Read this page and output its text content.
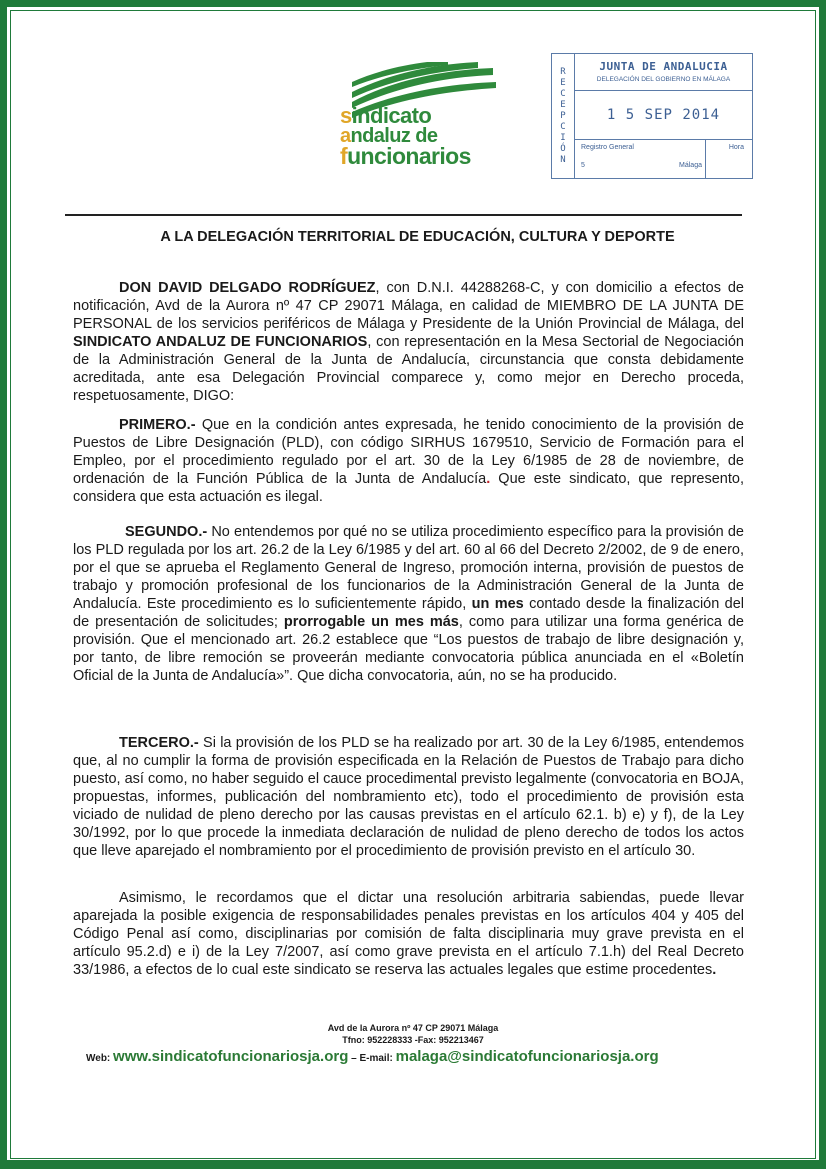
sindicato
andaluz de
funcionarios
R
E
C
E
P
C
I
Ó
N
JUNTA DE ANDALUCIA
DELEGACIÓN DEL GOBIERNO EN MÁLAGA
1 5 SEP 2014
Registro General	Hora
5	Málaga
A LA DELEGACIÓN TERRITORIAL DE EDUCACIÓN, CULTURA Y DEPORTE

DON DAVID DELGADO RODRÍGUEZ, con D.N.I. 44288268-C, y con domicilio a efectos de notificación, Avd de la Aurora nº 47 CP 29071 Málaga, en calidad de MIEMBRO DE LA JUNTA DE PERSONAL de los servicios periféricos de Málaga y Presidente de la Unión Provincial de Málaga, del SINDICATO ANDALUZ DE FUNCIONARIOS, con representación en la Mesa Sectorial de Negociación de la Administración General de la Junta de Andalucía, circunstancia que consta debidamente acreditada, ante esa Delegación Provincial comparece y, como mejor en Derecho proceda, respetuosamente, DIGO:

PRIMERO.- Que en la condición antes expresada, he tenido conocimiento de la provisión de Puestos de Libre Designación (PLD), con código SIRHUS 1679510, Servicio de Formación para el Empleo, por el procedimiento regulado por el art. 30 de la Ley 6/1985 de 28 de noviembre, de ordenación de la Función Pública de la Junta de Andalucía. Que este sindicato, que represento, considera que esta actuación es ilegal.

SEGUNDO.- No entendemos por qué no se utiliza procedimiento específico para la provisión de los PLD regulada por los art. 26.2 de la Ley 6/1985 y del art. 60 al 66 del Decreto 2/2002, de 9 de enero, por el que se aprueba el Reglamento General de Ingreso, promoción interna, provisión de puestos de trabajo y promoción profesional de los funcionarios de la Administración General de la Junta de Andalucía. Este procedimiento es lo suficientemente rápido, un mes contado desde la finalización del de presentación de solicitudes; prorrogable un mes más, como para utilizar una forma genérica de provisión. Que el mencionado art. 26.2 establece que “Los puestos de trabajo de libre designación y, por tanto, de libre remoción se proveerán mediante convocatoria pública anunciada en el «Boletín Oficial de la Junta de Andalucía»”. Que dicha convocatoria, aún, no se ha producido.

TERCERO.- Si la provisión de los PLD se ha realizado por art. 30 de la Ley 6/1985, entendemos que, al no cumplir la forma de provisión especificada en la Relación de Puestos de Trabajo para dicho puesto, así como, no haber seguido el cauce procedimental previsto legalmente (convocatoria en BOJA, propuestas, informes, publicación del nombramiento etc), todo el procedimiento de provisión esta viciado de nulidad de pleno derecho por las causas previstas en el artículo 62.1. b) e) y f), de la Ley 30/1992, por lo que procede la inmediata declaración de nulidad de pleno derecho de todos los actos que lleve aparejado el nombramiento por el procedimiento de provisión previsto en el artículo 30.

Asimismo, le recordamos que el dictar una resolución arbitraria sabiendas, puede llevar aparejada la posible exigencia de responsabilidades penales previstas en los artículos 404 y 405 del Código Penal así como, disciplinarias por comisión de falta disciplinaria muy grave prevista en el artículo 95.2.d) e i) de la Ley 7/2007, así como grave prevista en el artículo 7.1.h) del Real Decreto 33/1986, a efectos de lo cual este sindicato se reserva las actuales legales que estime procedentes.

Avd de la Aurora nº 47 CP 29071 Málaga
Tfno: 952228333 -Fax: 952213467
Web: www.sindicatofuncionariosja.org – E-mail: malaga@sindicatofuncionariosja.org
